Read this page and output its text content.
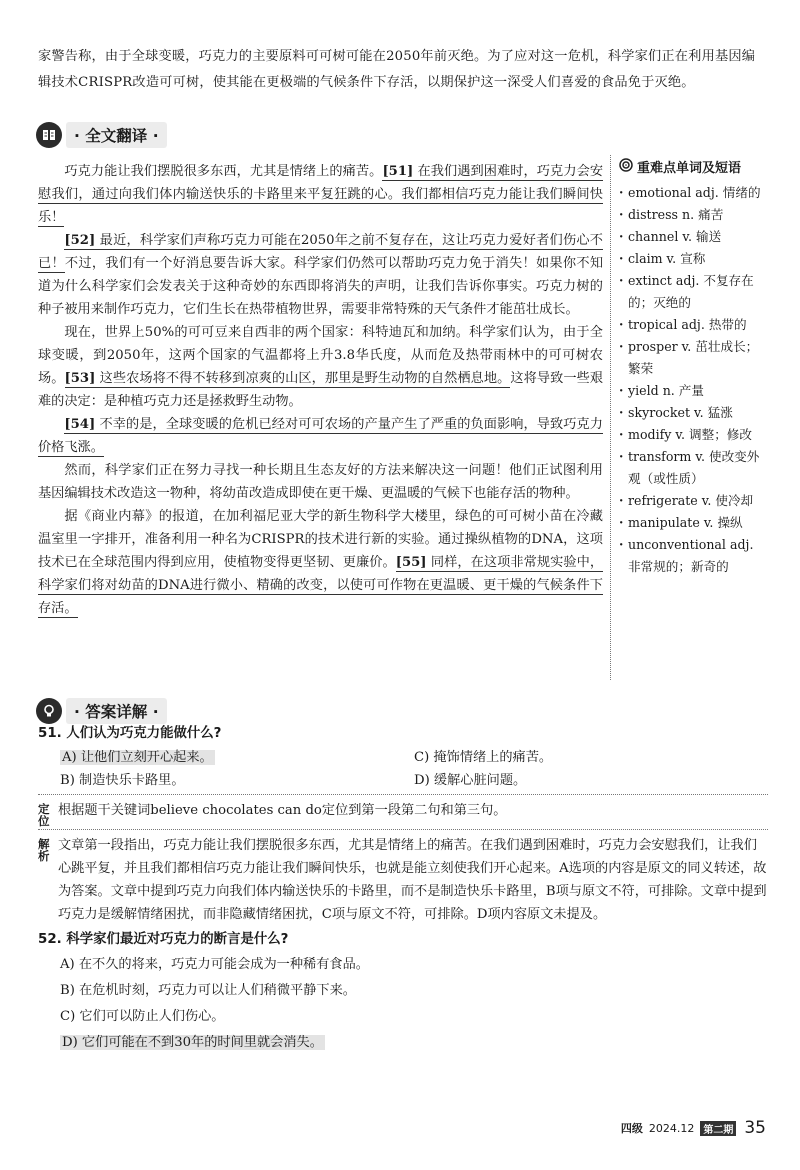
家警告称，由于全球变暖，巧克力的主要原料可可树可能在2050年前灭绝。为了应对这一危机，科学家们正在利用基因编辑技术CRISPR改造可可树，使其能在更极端的气候条件下存活，以期保护这一深受人们喜爱的食品免于灭绝。
· 全文翻译 ·

巧克力能让我们摆脱很多东西，尤其是情绪上的痛苦。[51] 在我们遇到困难时，巧克力会安慰我们，通过向我们体内输送快乐的卡路里来平复狂跳的心。我们都相信巧克力能让我们瞬间快乐！

[52] 最近，科学家们声称巧克力可能在2050年之前不复存在，这让巧克力爱好者们伤心不已！不过，我们有一个好消息要告诉大家。科学家们仍然可以帮助巧克力免于消失！如果你不知道为什么科学家们会发表关于这种奇妙的东西即将消失的声明，让我们告诉你事实。巧克力树的种子被用来制作巧克力，它们生长在热带植物世界，需要非常特殊的天气条件才能茁壮成长。

现在，世界上50%的可可豆来自西非的两个国家：科特迪瓦和加纳。科学家们认为，由于全球变暖，到2050年，这两个国家的气温都将上升3.8华氏度，从而危及热带雨林中的可可树农场。[53] 这些农场将不得不转移到凉爽的山区，那里是野生动物的自然栖息地。这将导致一些艰难的决定：是种植巧克力还是拯救野生动物。

[54] 不幸的是，全球变暖的危机已经对可可农场的产量产生了严重的负面影响，导致巧克力价格飞涨。

然而，科学家们正在努力寻找一种长期且生态友好的方法来解决这一问题！他们正试图利用基因编辑技术改造这一物种，将幼苗改造成即使在更干燥、更温暖的气候下也能存活的物种。

据《商业内幕》的报道，在加利福尼亚大学的新生物科学大楼里，绿色的可可树小苗在冷藏温室里一字排开，准备利用一种名为CRISPR的技术进行新的实验。通过操纵植物的DNA，这项技术已在全球范围内得到应用，使植物变得更坚韧、更廉价。[55] 同样，在这项非常规实验中，科学家们将对幼苗的DNA进行微小、精确的改变，以使可可作物在更温暖、更干燥的气候条件下存活。

重难点单词及短语
· emotional adj. 情绪的
· distress n. 痛苦
· channel v. 输送
· claim v. 宣称
· extinct adj. 不复存在的；灭绝的
· tropical adj. 热带的
· prosper v. 茁壮成长；繁荣
· yield n. 产量
· skyrocket v. 猛涨
· modify v. 调整；修改
· transform v. 使改变外观（或性质）
· refrigerate v. 使冷却
· manipulate v. 操纵
· unconventional adj. 非常规的；新奇的
· 答案详解 ·

51. 人们认为巧克力能做什么?

A) 让他们立刻开心起来。	C) 掩饰情绪上的痛苦。
B) 制造快乐卡路里。	D) 缓解心脏问题。
定位
根据题干关键词believe chocolates can do定位到第一段第二句和第三句。
解析
文章第一段指出，巧克力能让我们摆脱很多东西，尤其是情绪上的痛苦。在我们遇到困难时，巧克力会安慰我们，让我们心跳平复，并且我们都相信巧克力能让我们瞬间快乐，也就是能立刻使我们开心起来。A选项的内容是原文的同义转述，故为答案。文章中提到巧克力向我们体内输送快乐的卡路里，而不是制造快乐卡路里，B项与原文不符，可排除。文章中提到巧克力是缓解情绪困扰，而非隐藏情绪困扰，C项与原文不符，可排除。D项内容原文未提及。

52. 科学家们最近对巧克力的断言是什么?

A) 在不久的将来，巧克力可能会成为一种稀有食品。
B) 在危机时刻，巧克力可以让人们稍微平静下来。
C) 它们可以防止人们伤心。
D) 它们可能在不到30年的时间里就会消失。
四级 2024.12 第二期 35
